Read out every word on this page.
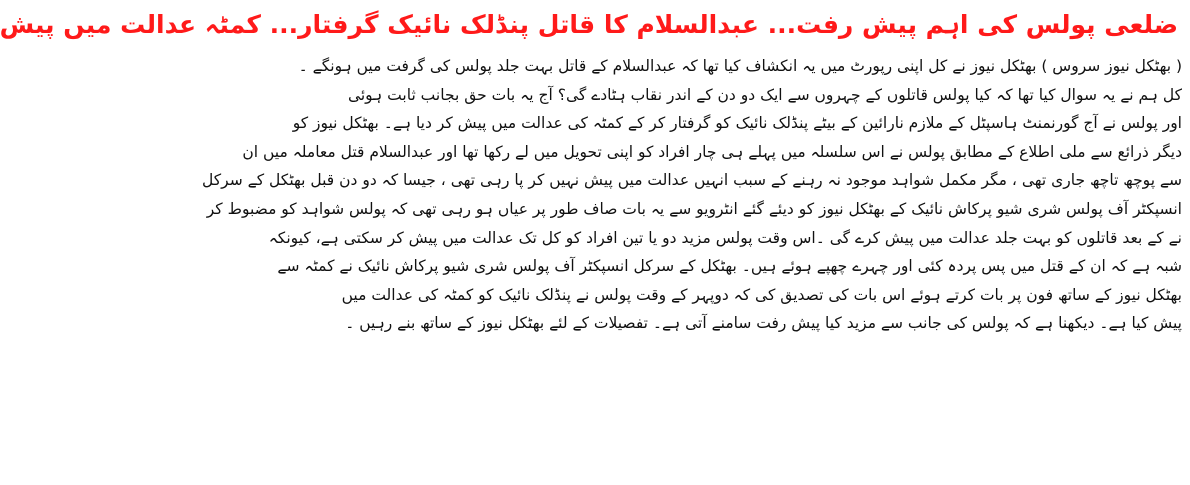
ضلعی پولس کی اہم پیش رفت... عبدالسلام کا قاتل پنڈلک نائیک گرفتار... کمٹہ عدالت میں پیش
( بھٹکل نیوز سروس ) بھٹکل نیوز نے کل اپنی رپورٹ میں یہ انکشاف کیا تھا کہ عبدالسلام کے قاتل بہت جلد پولس کی گرفت میں ہونگے ۔
کل ہم نے یہ سوال کیا تھا کہ کیا پولس قاتلوں کے چہروں سے ایک دو دن کے اندر نقاب ہٹادے گی؟ آج یہ بات حق بجانب ثابت ہوئی
اور پولس نے آج گورنمنٹ ہاسپٹل کے ملازم نارائین کے بیٹے پنڈلک نائیک کو گرفتار کر کے کمٹہ کی عدالت میں پیش کر دیا ہے۔ بھٹکل نیوز کو
دیگر ذرائع سے ملی اطلاع کے مطابق پولس نے اس سلسلہ میں پہلے ہی چار افراد کو اپنی تحویل میں لے رکھا تھا اور عبدالسلام قتل معاملہ میں ان
سے پوچھ تاچھ جاری تھی ، مگر مکمل شواہد موجود نہ رہنے کے سبب انہیں عدالت میں پیش نہیں کر پا رہی تھی ، جیسا کہ دو دن قبل بھٹکل کے سرکل
انسپکٹر آف پولس شری شیو پرکاش نائیک کے بھٹکل نیوز کو دیئے گئے انٹرویو سے یہ بات صاف طور پر عیاں ہو رہی تھی کہ پولس شواہد کو مضبوط کر
نے کے بعد قاتلوں کو بہت جلد عدالت میں پیش کرے گی ۔اس وقت پولس مزید دو یا تین افراد کو کل تک عدالت میں پیش کر سکتی ہے، کیونکہ
شبہ ہے کہ ان کے قتل میں پس پردہ کئی اور چہرے چھپے ہوئے ہیں۔ بھٹکل کے سرکل انسپکٹر آف پولس شری شیو پرکاش نائیک نے کمٹہ سے
بھٹکل نیوز کے ساتھ فون پر بات کرتے ہوئے اس بات کی تصدیق کی کہ دوپہر کے وقت پولس نے پنڈلک نائیک کو کمٹہ کی عدالت میں
پیش کیا ہے۔ دیکھنا ہے کہ پولس کی جانب سے مزید کیا پیش رفت سامنے آتی ہے۔ تفصیلات کے لئے بھٹکل نیوز کے ساتھ بنے رہیں ۔
